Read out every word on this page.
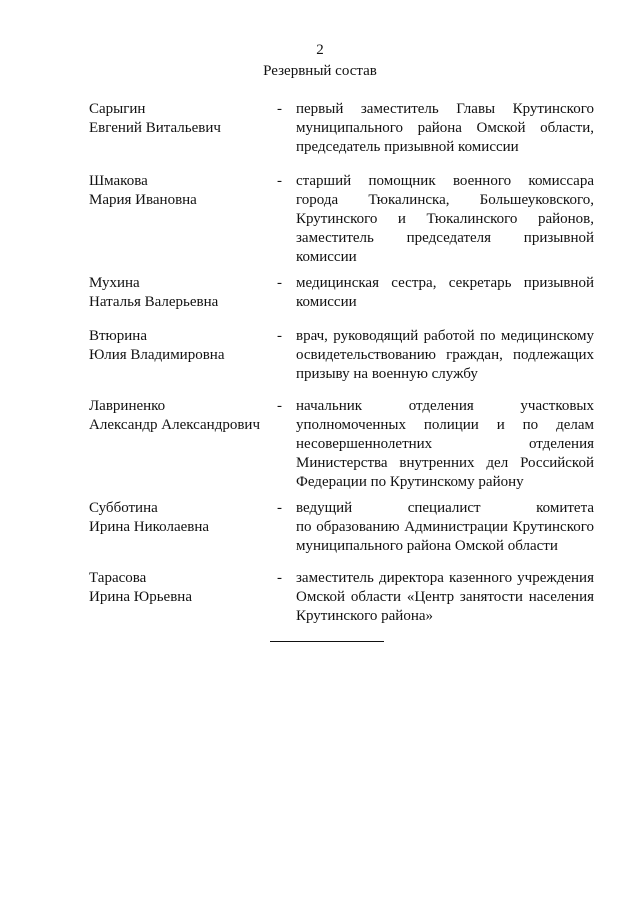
2
Резервный состав
Сарыгин
Евгений Витальевич
- первый заместитель Главы Крутинского
муниципального района Омской области,
председатель призывной комиссии
Шмакова
Мария Ивановна
- старший помощник военного комиссара
города Тюкалинска, Большеуковского,
Крутинского и Тюкалинского районов,
заместитель председателя призывной
комиссии
Мухина
Наталья Валерьевна
- медицинская сестра, секретарь призывной
комиссии
Втюрина
Юлия Владимировна
- врач, руководящий работой по медицинскому
освидетельствованию граждан, подлежащих
призыву на военную службу
Лавриненко
Александр Александрович
- начальник отделения участковых
уполномоченных полиции и по делам
несовершеннолетних отделения
Министерства внутренних дел Российской
Федерации по Крутинскому району
Субботина
Ирина Николаевна
- ведущий специалист комитета
по образованию Администрации Крутинского
муниципального района Омской области
Тарасова
Ирина Юрьевна
- заместитель директора казенного учреждения
Омской области «Центр занятости населения
Крутинского района»
